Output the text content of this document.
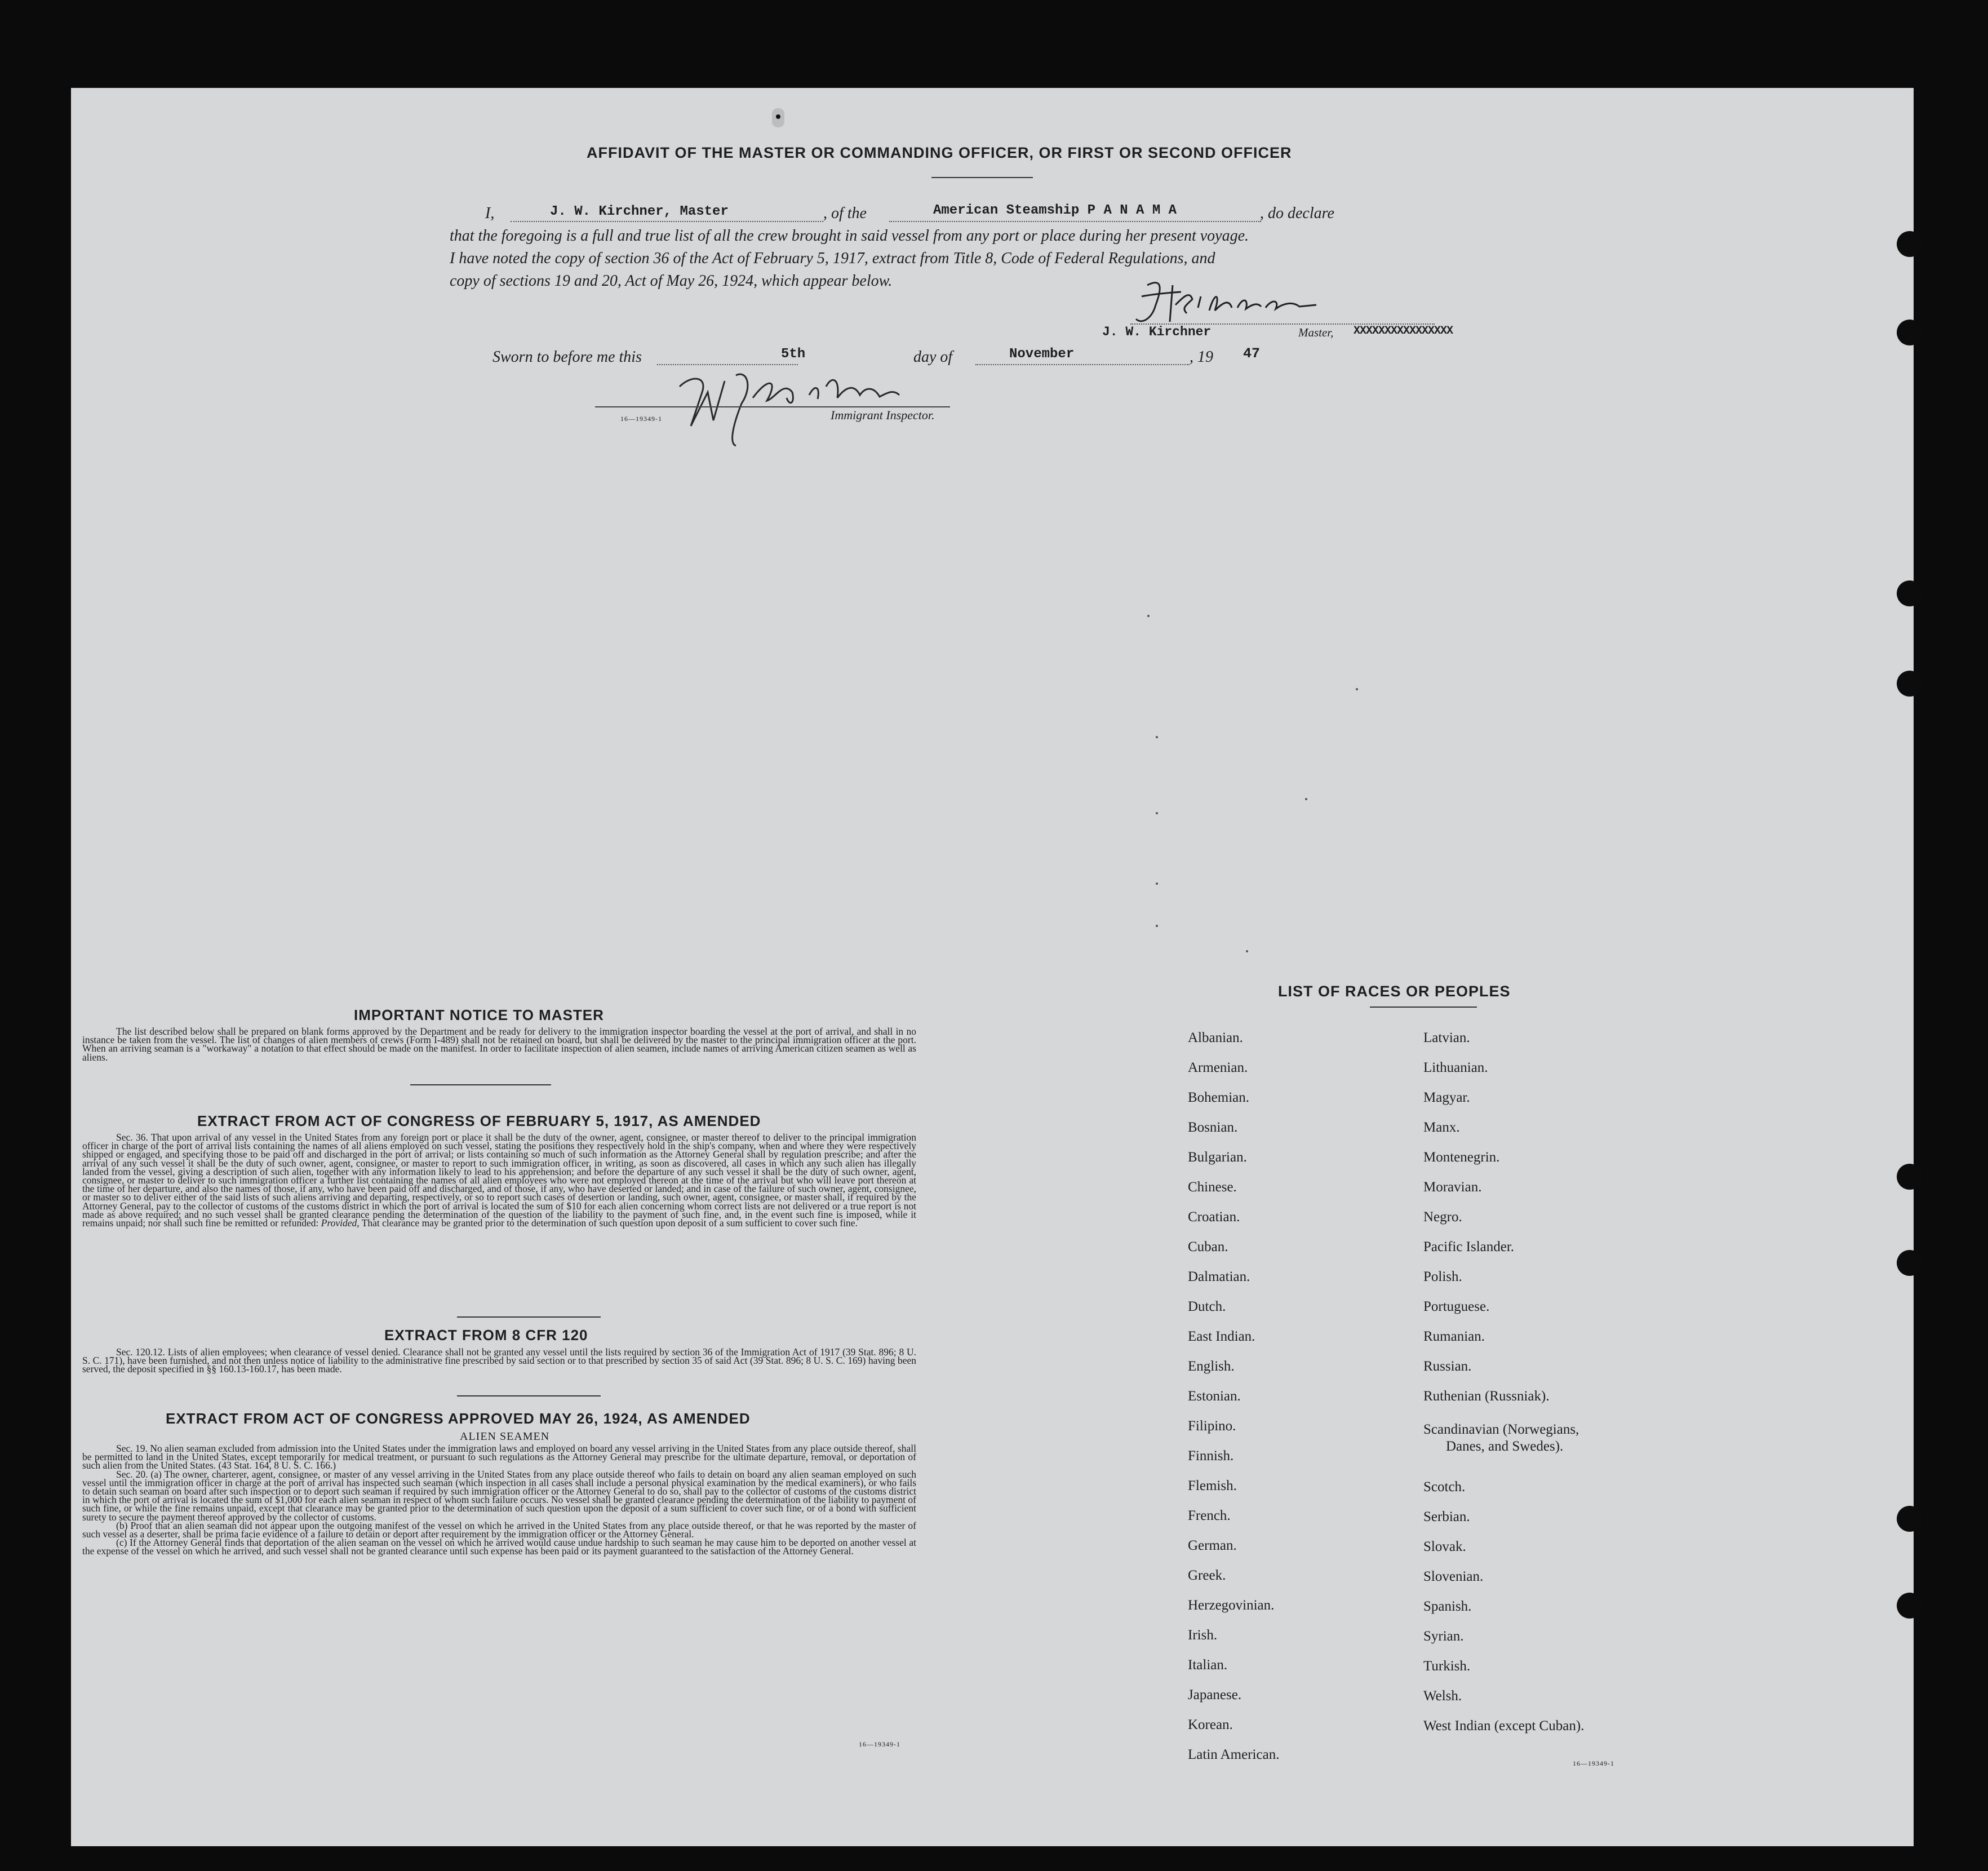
AFFIDAVIT OF THE MASTER OR COMMANDING OFFICER, OR FIRST OR SECOND OFFICER
I,	J. W. Kirchner, Master	, of the	American Steamship P A N A M A	, do declare
that the foregoing is a full and true list of all the crew brought in said vessel from any port or place during her present voyage.
I have noted the copy of section 36 of the Act of February 5, 1917, extract from Title 8, Code of Federal Regulations, and
copy of sections 19 and 20, Act of May 26, 1924, which appear below.
J. W. Kirchner	Master, XXXXXXXXXXXXXXXX
Sworn to before me this	5th	day of	November	, 19 47
16—19349-1	Immigrant Inspector.
IMPORTANT NOTICE TO MASTER

The list described below shall be prepared on blank forms approved by the Department and be ready for delivery to the immigration inspector boarding the vessel at the port of arrival, and shall in no instance be taken from the vessel. The list of changes of alien members of crews (Form I-489) shall not be retained on board, but shall be delivered by the master to the principal immigration officer at the port. When an arriving seaman is a "workaway" a notation to that effect should be made on the manifest. In order to facilitate inspection of alien seamen, include names of arriving American citizen seamen as well as aliens.

EXTRACT FROM ACT OF CONGRESS OF FEBRUARY 5, 1917, AS AMENDED

Sec. 36. That upon arrival of any vessel in the United States from any foreign port or place it shall be the duty of the owner, agent, consignee, or master thereof to deliver to the principal immigration officer in charge of the port of arrival lists containing the names of all aliens employed on such vessel, stating the positions they respectively hold in the ship's company, when and where they were respectively shipped or engaged, and specifying those to be paid off and discharged in the port of arrival; or lists containing so much of such information as the Attorney General shall by regulation prescribe; and after the arrival of any such vessel it shall be the duty of such owner, agent, consignee, or master to report to such immigration officer, in writing, as soon as discovered, all cases in which any such alien has illegally landed from the vessel, giving a description of such alien, together with any information likely to lead to his apprehension; and before the departure of any such vessel it shall be the duty of such owner, agent, consignee, or master to deliver to such immigration officer a further list containing the names of all alien employees who were not employed thereon at the time of the arrival but who will leave port thereon at the time of her departure, and also the names of those, if any, who have been paid off and discharged, and of those, if any, who have deserted or landed; and in case of the failure of such owner, agent, consignee, or master so to deliver either of the said lists of such aliens arriving and departing, respectively, or so to report such cases of desertion or landing, such owner, agent, consignee, or master shall, if required by the Attorney General, pay to the collector of customs of the customs district in which the port of arrival is located the sum of $10 for each alien concerning whom correct lists are not delivered or a true report is not made as above required; and no such vessel shall be granted clearance pending the determination of the question of the liability to the payment of such fine, and, in the event such fine is imposed, while it remains unpaid; nor shall such fine be remitted or refunded: Provided, That clearance may be granted prior to the determination of such question upon deposit of a sum sufficient to cover such fine.

EXTRACT FROM 8 CFR 120

Sec. 120.12. Lists of alien employees; when clearance of vessel denied. Clearance shall not be granted any vessel until the lists required by section 36 of the Immigration Act of 1917 (39 Stat. 896; 8 U. S. C. 171), have been furnished, and not then unless notice of liability to the administrative fine prescribed by said section or to that prescribed by section 35 of said Act (39 Stat. 896; 8 U. S. C. 169) having been served, the deposit specified in §§ 160.13-160.17, has been made.

EXTRACT FROM ACT OF CONGRESS APPROVED MAY 26, 1924, AS AMENDED
ALIEN SEAMEN

Sec. 19. No alien seaman excluded from admission into the United States under the immigration laws and employed on board any vessel arriving in the United States from any place outside thereof, shall be permitted to land in the United States, except temporarily for medical treatment, or pursuant to such regulations as the Attorney General may prescribe for the ultimate departure, removal, or deportation of such alien from the United States. (43 Stat. 164, 8 U. S. C. 166.)

Sec. 20. (a) The owner, charterer, agent, consignee, or master of any vessel arriving in the United States from any place outside thereof who fails to detain on board any alien seaman employed on such vessel until the immigration officer in charge at the port of arrival has inspected such seaman (which inspection in all cases shall include a personal physical examination by the medical examiners), or who fails to detain such seaman on board after such inspection or to deport such seaman if required by such immigration officer or the Attorney General to do so, shall pay to the collector of customs of the customs district in which the port of arrival is located the sum of $1,000 for each alien seaman in respect of whom such failure occurs. No vessel shall be granted clearance pending the determination of the liability to payment of such fine, or while the fine remains unpaid, except that clearance may be granted prior to the determination of such question upon the deposit of a sum sufficient to cover such fine, or of a bond with sufficient surety to secure the payment thereof approved by the collector of customs.

(b) Proof that an alien seaman did not appear upon the outgoing manifest of the vessel on which he arrived in the United States from any place outside thereof, or that he was reported by the master of such vessel as a deserter, shall be prima facie evidence of a failure to detain or deport after requirement by the immigration officer or the Attorney General.

(c) If the Attorney General finds that deportation of the alien seaman on the vessel on which he arrived would cause undue hardship to such seaman he may cause him to be deported on another vessel at the expense of the vessel on which he arrived, and such vessel shall not be granted clearance until such expense has been paid or its payment guaranteed to the satisfaction of the Attorney General.

16—19349-1
LIST OF RACES OR PEOPLES
Albanian.
Armenian.
Bohemian.
Bosnian.
Bulgarian.
Chinese.
Croatian.
Cuban.
Dalmatian.
Dutch.
East Indian.
English.
Estonian.
Filipino.
Finnish.
Flemish.
French.
German.
Greek.
Herzegovinian.
Irish.
Italian.
Japanese.
Korean.
Latin American.
Latvian.
Lithuanian.
Magyar.
Manx.
Montenegrin.
Moravian.
Negro.
Pacific Islander.
Polish.
Portuguese.
Rumanian.
Russian.
Ruthenian (Russniak).
Scandinavian (Norwegians,
Danes, and Swedes).
Scotch.
Serbian.
Slovak.
Slovenian.
Spanish.
Syrian.
Turkish.
Welsh.
West Indian (except Cuban).
16—19349-1
